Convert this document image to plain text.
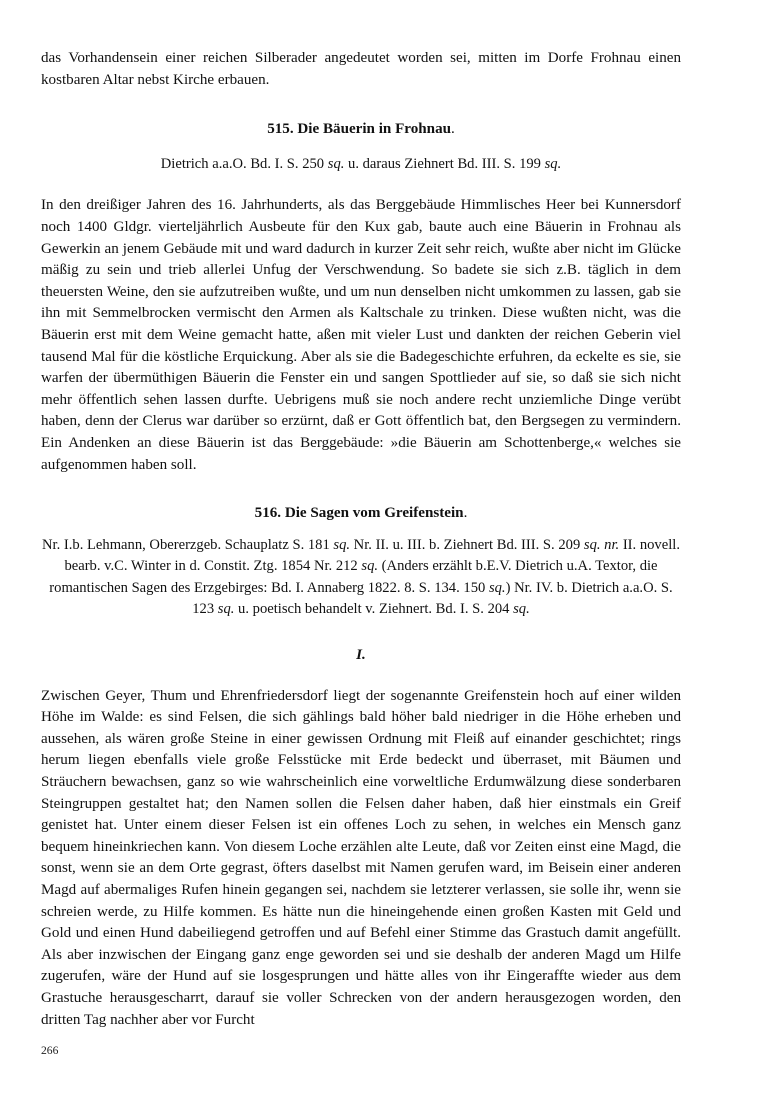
das Vorhandensein einer reichen Silberader angedeutet worden sei, mitten im Dorfe Frohnau einen kostbaren Altar nebst Kirche erbauen.

515. Die Bäuerin in Frohnau.

Dietrich a.a.O. Bd. I. S. 250 sq. u. daraus Ziehnert Bd. III. S. 199 sq.

In den dreißiger Jahren des 16. Jahrhunderts, als das Berggebäude Himmlisches Heer bei Kunnersdorf noch 1400 Gldgr. vierteljährlich Ausbeute für den Kux gab, baute auch eine Bäuerin in Frohnau als Gewerkin an jenem Gebäude mit und ward dadurch in kurzer Zeit sehr reich, wußte aber nicht im Glücke mäßig zu sein und trieb allerlei Unfug der Verschwendung. So badete sie sich z.B. täglich in dem theuersten Weine, den sie aufzutreiben wußte, und um nun denselben nicht umkommen zu lassen, gab sie ihn mit Semmelbrocken vermischt den Armen als Kaltschale zu trinken. Diese wußten nicht, was die Bäuerin erst mit dem Weine gemacht hatte, aßen mit vieler Lust und dankten der reichen Geberin viel tausend Mal für die köstliche Erquickung. Aber als sie die Badegeschichte erfuhren, da eckelte es sie, sie warfen der übermüthigen Bäuerin die Fenster ein und sangen Spottlieder auf sie, so daß sie sich nicht mehr öffentlich sehen lassen durfte. Uebrigens muß sie noch andere recht unziemliche Dinge verübt haben, denn der Clerus war darüber so erzürnt, daß er Gott öffentlich bat, den Bergsegen zu vermindern. Ein Andenken an diese Bäuerin ist das Berggebäude: »die Bäuerin am Schottenberge,« welches sie aufgenommen haben soll.

516. Die Sagen vom Greifenstein.

Nr. I.b. Lehmann, Obererzgeb. Schauplatz S. 181 sq. Nr. II. u. III. b. Ziehnert Bd. III. S. 209 sq. nr. II. novell. bearb. v.C. Winter in d. Constit. Ztg. 1854 Nr. 212 sq. (Anders erzählt b.E.V. Dietrich u.A. Textor, die romantischen Sagen des Erzgebirges: Bd. I. Annaberg 1822. 8. S. 134. 150 sq.) Nr. IV. b. Dietrich a.a.O. S. 123 sq. u. poetisch behandelt v. Ziehnert. Bd. I. S. 204 sq.

I.

Zwischen Geyer, Thum und Ehrenfriedersdorf liegt der sogenannte Greifenstein hoch auf einer wilden Höhe im Walde: es sind Felsen, die sich gählings bald höher bald niedriger in die Höhe erheben und aussehen, als wären große Steine in einer gewissen Ordnung mit Fleiß auf einander geschichtet; rings herum liegen ebenfalls viele große Felsstücke mit Erde bedeckt und überraset, mit Bäumen und Sträuchern bewachsen, ganz so wie wahrscheinlich eine vorweltliche Erdumwälzung diese sonderbaren Steingruppen gestaltet hat; den Namen sollen die Felsen daher haben, daß hier einstmals ein Greif genistet hat. Unter einem dieser Felsen ist ein offenes Loch zu sehen, in welches ein Mensch ganz bequem hineinkriechen kann. Von diesem Loche erzählen alte Leute, daß vor Zeiten einst eine Magd, die sonst, wenn sie an dem Orte gegrast, öfters daselbst mit Namen gerufen ward, im Beisein einer anderen Magd auf abermaliges Rufen hinein gegangen sei, nachdem sie letzterer verlassen, sie solle ihr, wenn sie schreien werde, zu Hilfe kommen. Es hätte nun die hineingehende einen großen Kasten mit Geld und Gold und einen Hund dabeiliegend getroffen und auf Befehl einer Stimme das Grastuch damit angefüllt. Als aber inzwischen der Eingang ganz enge geworden sei und sie deshalb der anderen Magd um Hilfe zugerufen, wäre der Hund auf sie losgesprungen und hätte alles von ihr Eingeraffte wieder aus dem Grastuche herausgescharrt, darauf sie voller Schrecken von der andern herausgezogen worden, den dritten Tag nachher aber vor Furcht

266
